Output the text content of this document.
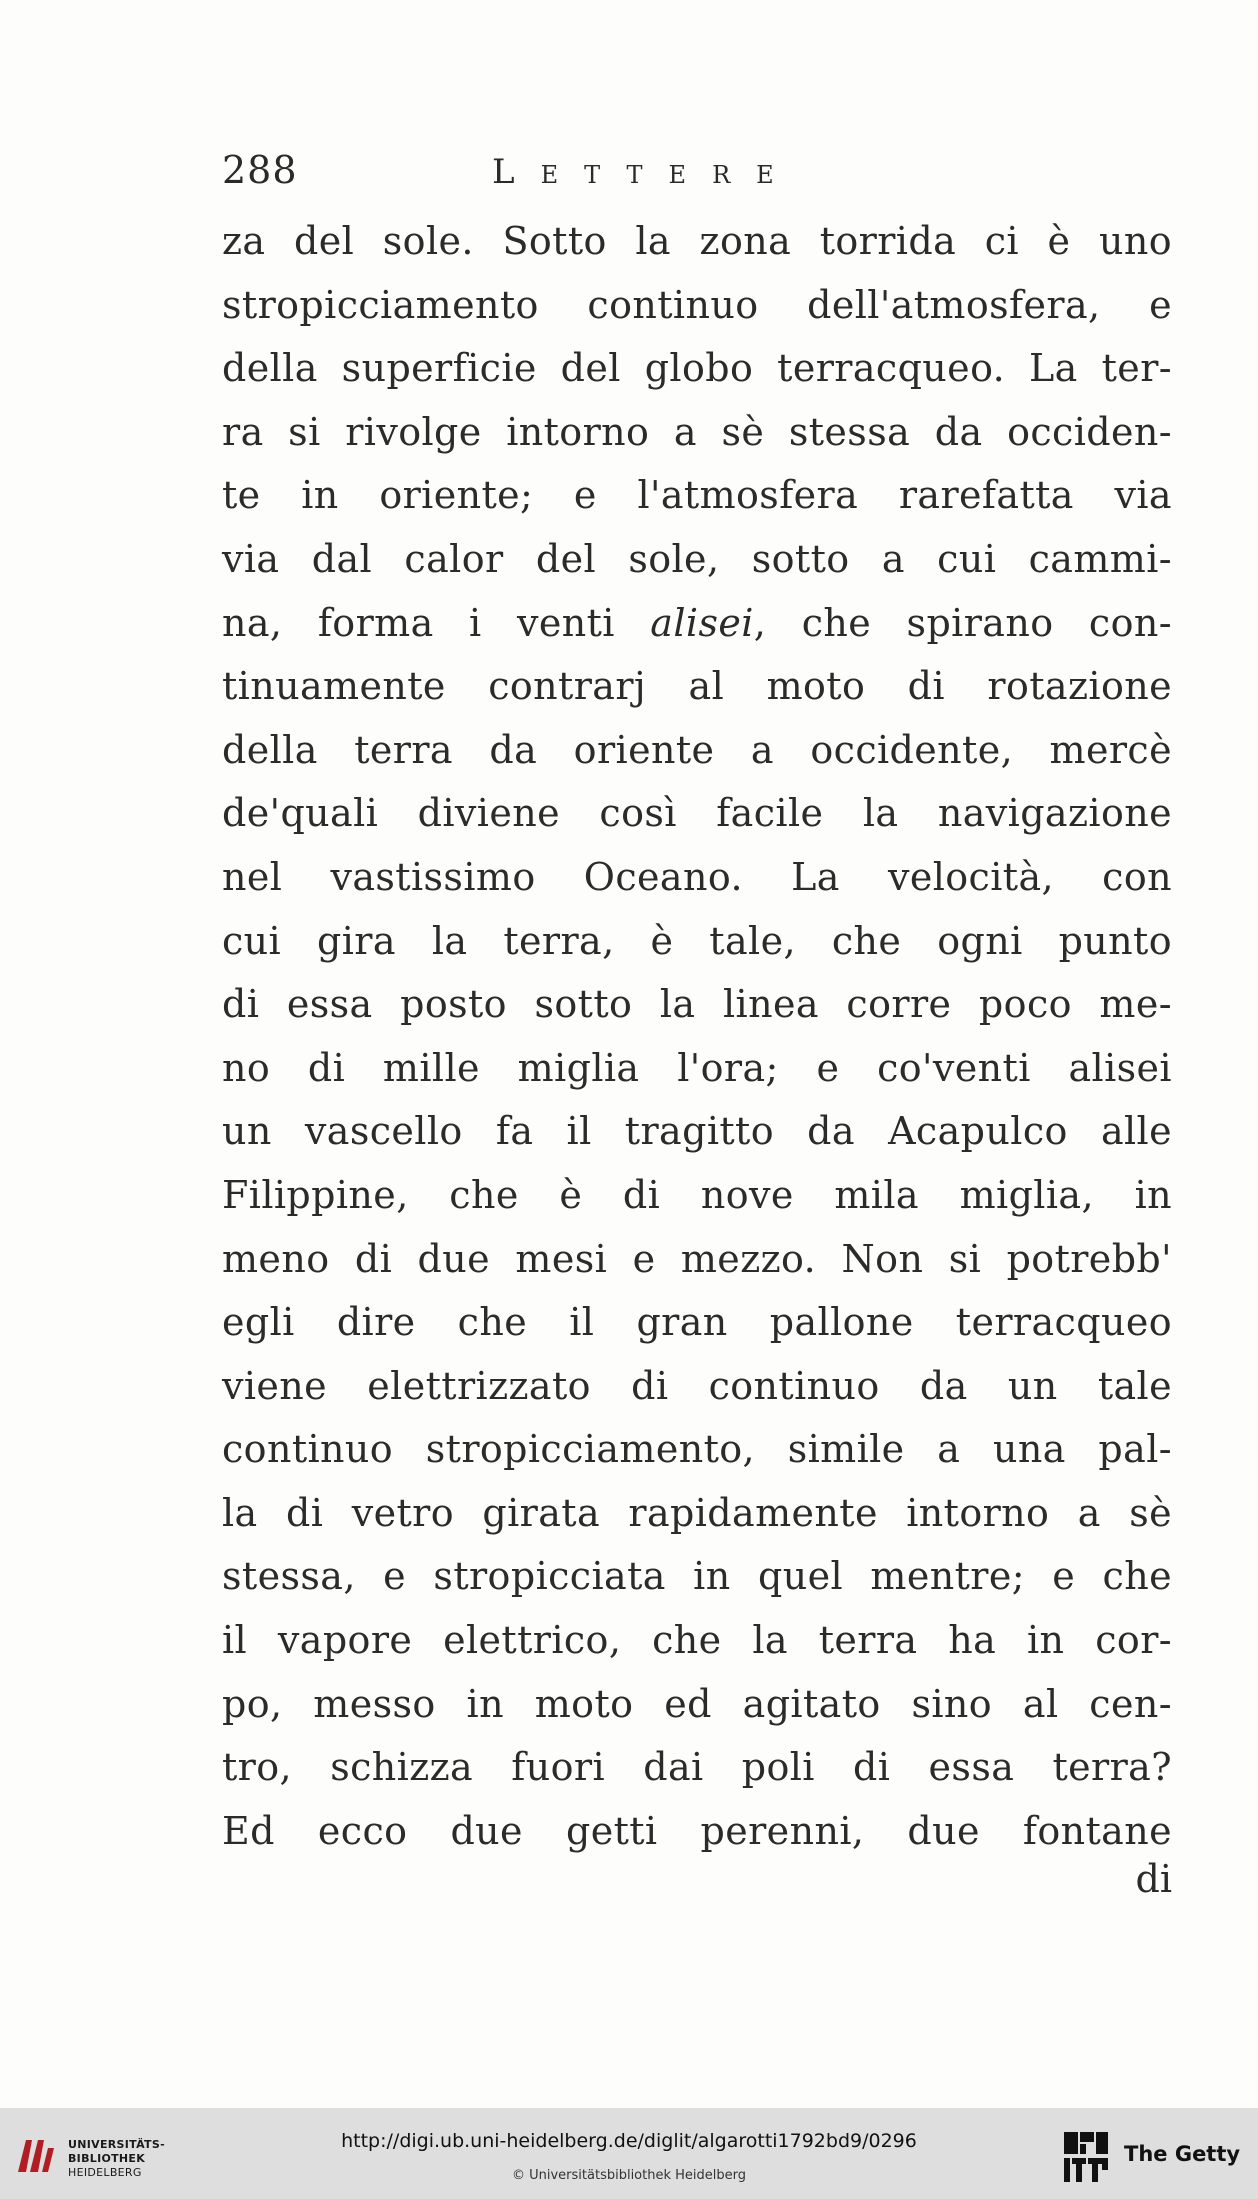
288	Lettere
za del sole. Sotto la zona torrida ci è uno
stropicciamento continuo dell'atmosfera, e
della superficie del globo terracqueo. La ter-
ra si rivolge intorno a sè stessa da occiden-
te in oriente; e l'atmosfera rarefatta via
via dal calor del sole, sotto a cui cammi-
na, forma i venti alisei, che spirano con-
tinuamente contrarj al moto di rotazione
della terra da oriente a occidente, mercè
de'quali diviene così facile la navigazione
nel vastissimo Oceano. La velocità, con
cui gira la terra, è tale, che ogni punto
di essa posto sotto la linea corre poco me-
no di mille miglia l'ora; e co'venti alisei
un vascello fa il tragitto da Acapulco alle
Filippine, che è di nove mila miglia, in
meno di due mesi e mezzo. Non si potrebb'
egli dire che il gran pallone terracqueo
viene elettrizzato di continuo da un tale
continuo stropicciamento, simile a una pal-
la di vetro girata rapidamente intorno a sè
stessa, e stropicciata in quel mentre; e che
il vapore elettrico, che la terra ha in cor-
po, messo in moto ed agitato sino al cen-
tro, schizza fuori dai poli di essa terra?
Ed ecco due getti perenni, due fontane
di
UNIVERSITÄTS-
BIBLIOTHEK
HEIDELBERG
http://digi.ub.uni-heidelberg.de/diglit/algarotti1792bd9/0296
© Universitätsbibliothek Heidelberg
The Getty
